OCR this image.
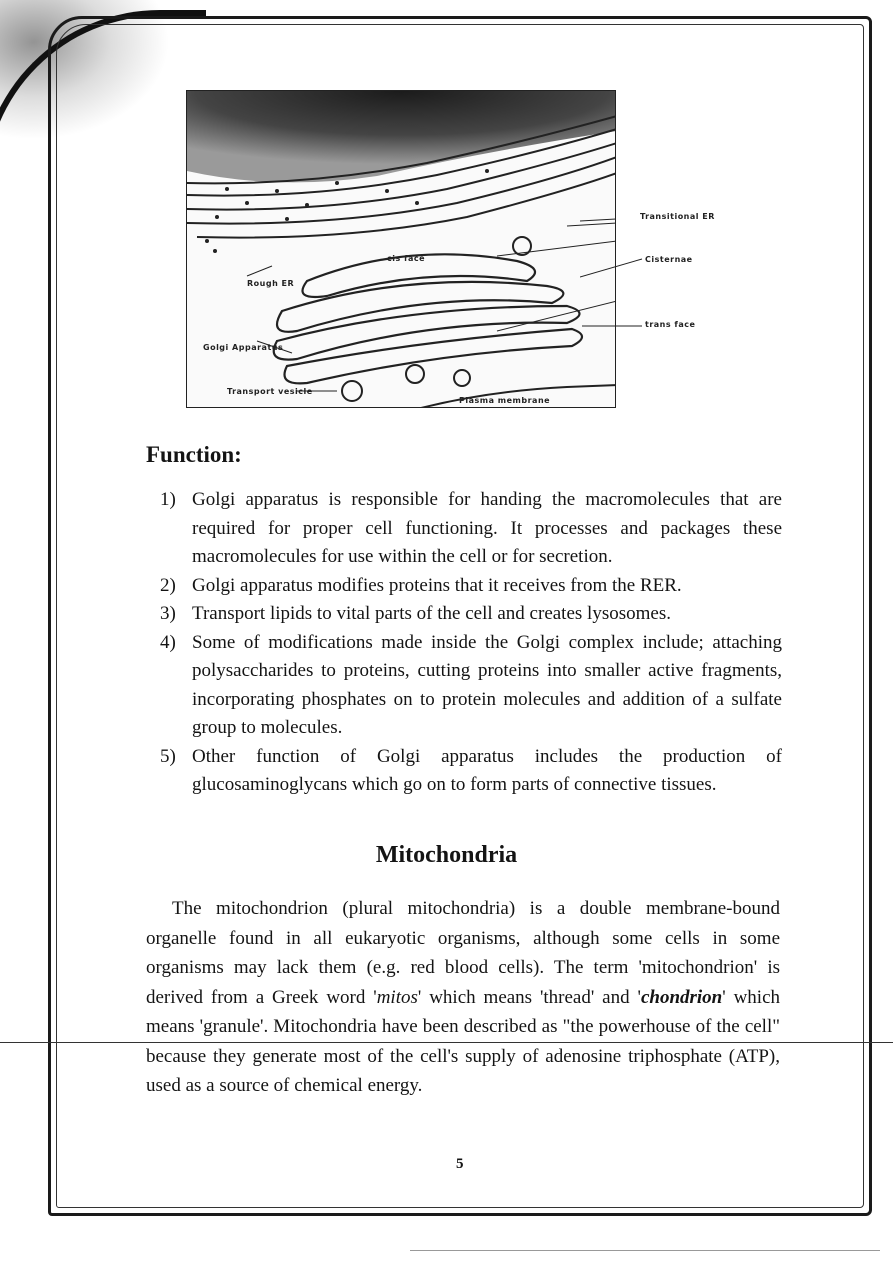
Rough ER
cis face
Golgi Apparatus
Transport vesicle
Plasma membrane
Transitional ER
Cisternae
trans face
Function:
1) Golgi apparatus is responsible for handing the macromolecules that are required for proper cell functioning. It processes and packages these macromolecules for use within the cell or for secretion.
2) Golgi apparatus modifies proteins that it receives from the RER.
3) Transport lipids to vital parts of the cell and creates lysosomes.
4) Some of modifications made inside the Golgi complex include; attaching polysaccharides to proteins, cutting proteins into smaller active fragments, incorporating phosphates on to protein molecules and addition of a sulfate group to molecules.
5) Other function of Golgi apparatus includes the production of glucosaminoglycans which go on to form parts of connective tissues.
Mitochondria

The mitochondrion (plural mitochondria) is a double membrane-bound organelle found in all eukaryotic organisms, although some cells in some organisms may lack them (e.g. red blood cells). The term 'mitochondrion' is derived from a Greek word 'mitos' which means 'thread' and 'chondrion' which means 'granule'. Mitochondria have been described as "the powerhouse of the cell" because they generate most of the cell's supply of adenosine triphosphate (ATP), used as a source of chemical energy.

5
